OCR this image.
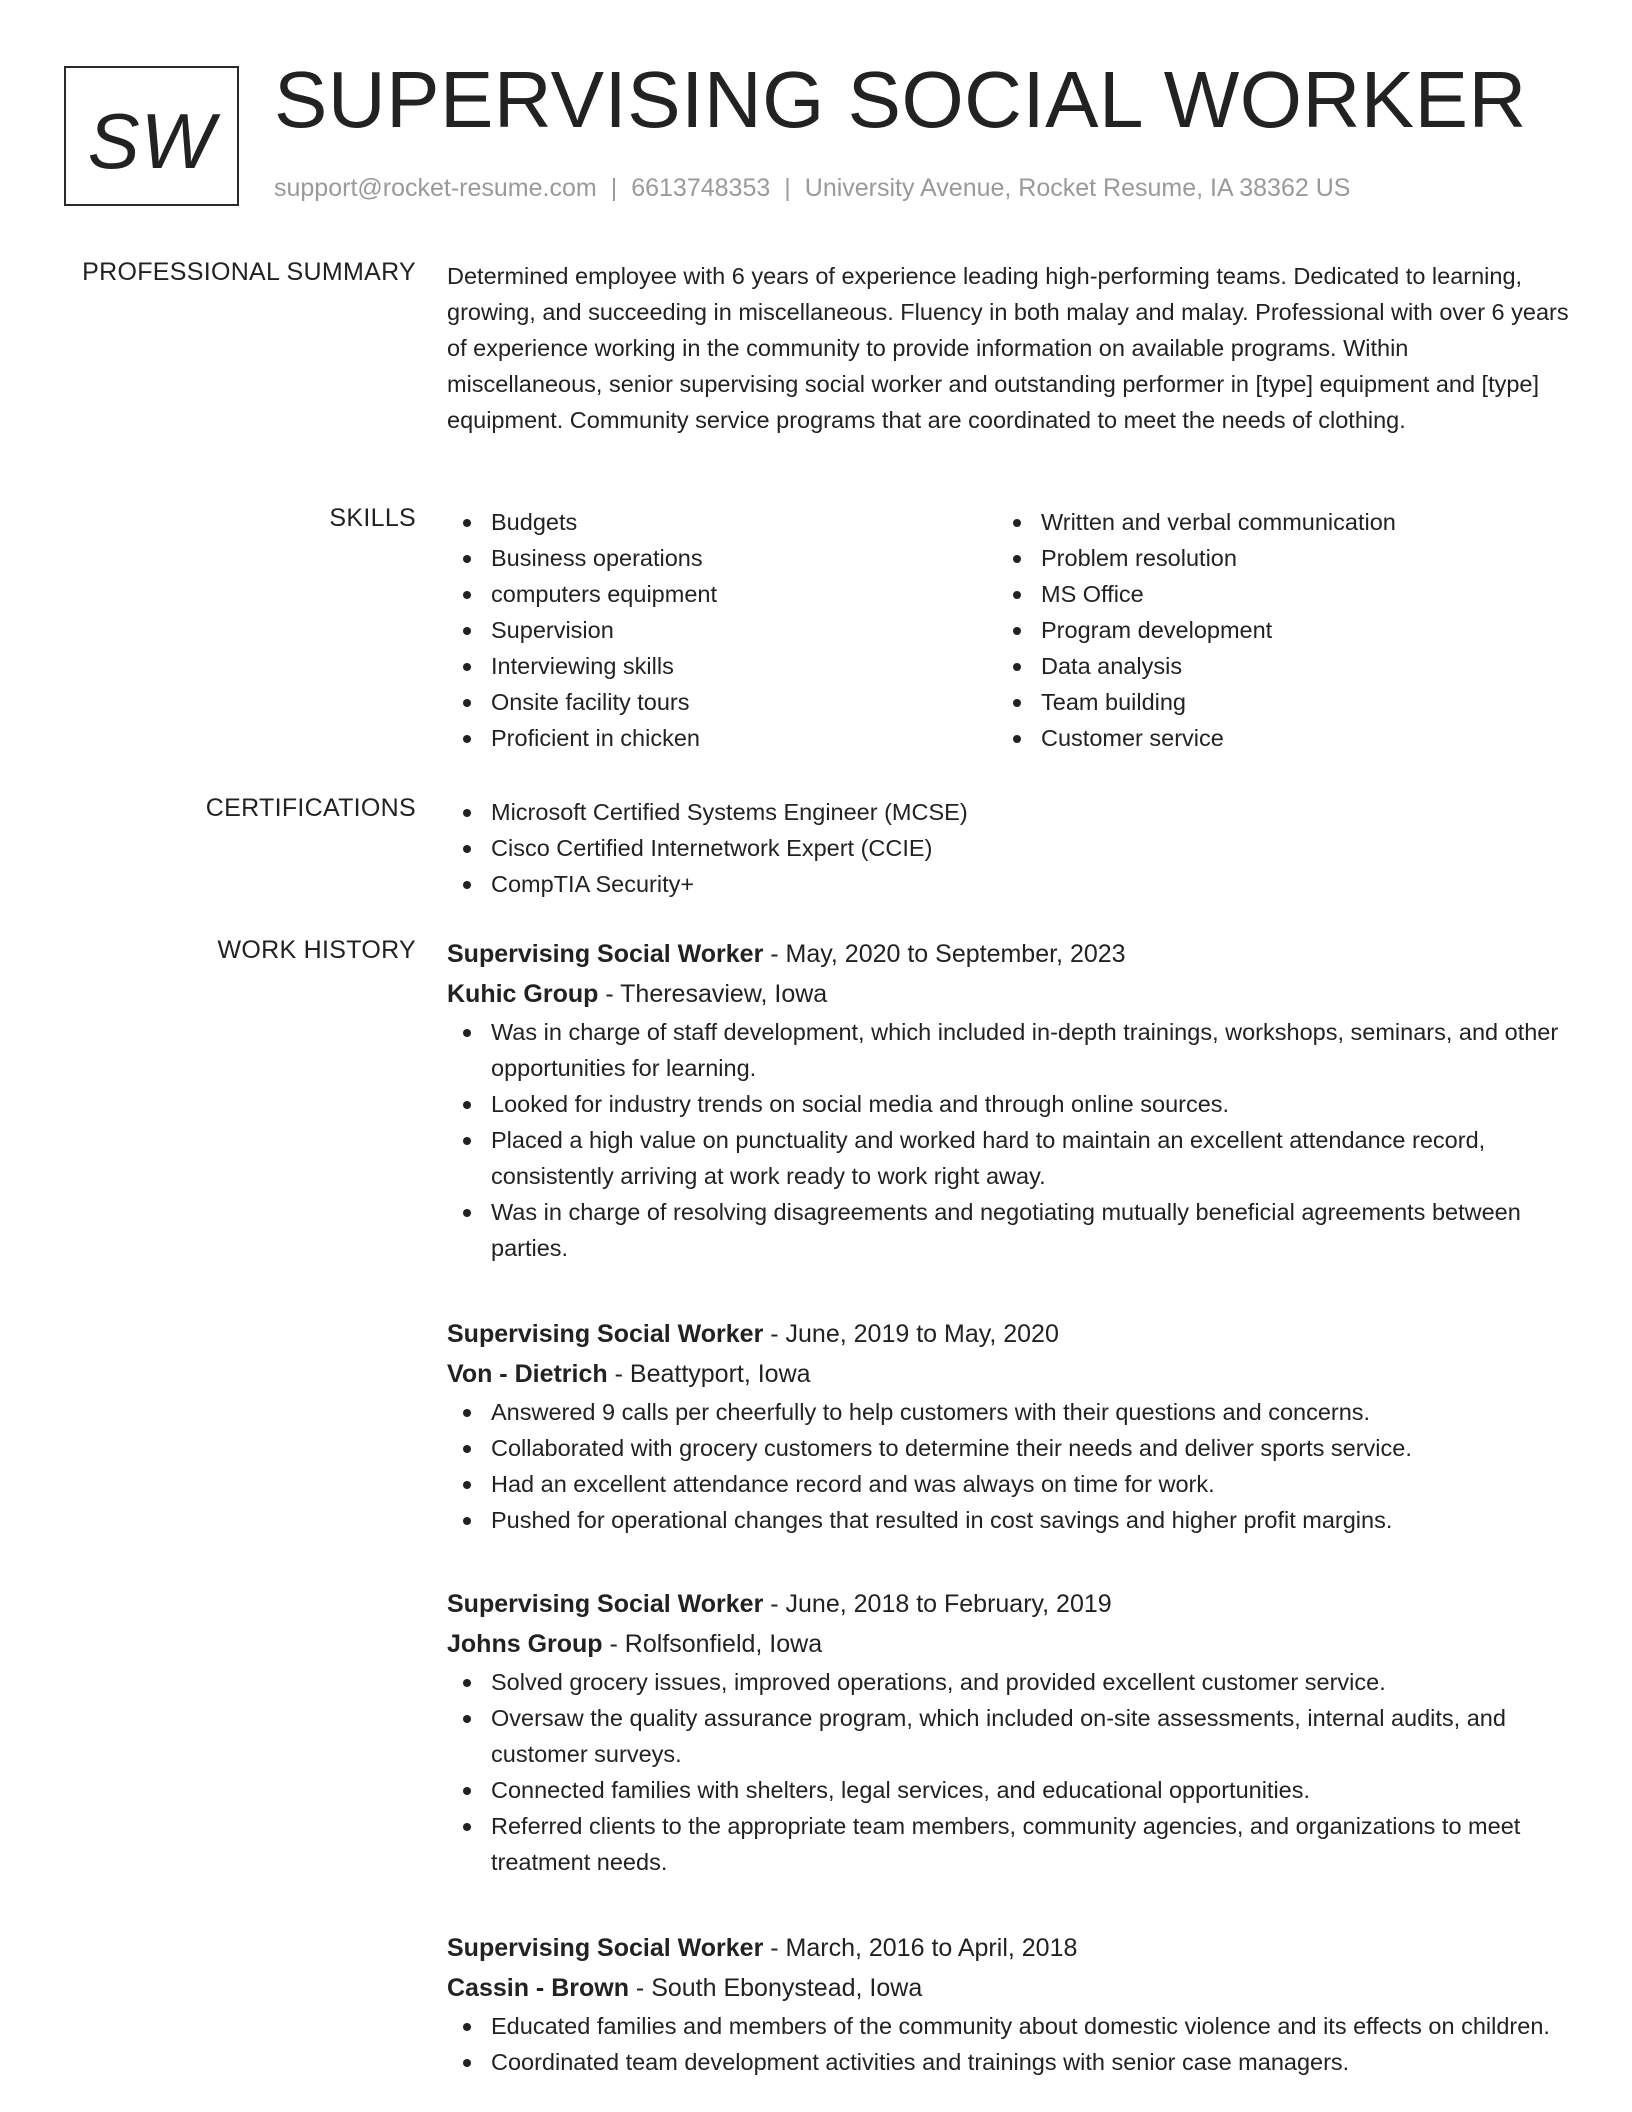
SW SUPERVISING SOCIAL WORKER
support@rocket-resume.com | 6613748353 | University Avenue, Rocket Resume, IA 38362 US
PROFESSIONAL SUMMARY Determined employee with 6 years of experience leading high-performing teams. Dedicated to learning, growing, and succeeding in miscellaneous. Fluency in both malay and malay. Professional with over 6 years of experience working in the community to provide information on available programs. Within miscellaneous, senior supervising social worker and outstanding performer in [type] equipment and [type] equipment. Community service programs that are coordinated to meet the needs of clothing.
SKILLS	Budgets
Business operations
computers equipment
Supervision
Interviewing skills
Onsite facility tours
Proficient in chicken
Written and verbal communication
Problem resolution
MS Office
Program development
Data analysis
Team building
Customer service
CERTIFICATIONS	Microsoft Certified Systems Engineer (MCSE)
Cisco Certified Internetwork Expert (CCIE)
CompTIA Security+
WORK HISTORY Supervising Social Worker - May, 2020 to September, 2023
Kuhic Group - Theresaview, Iowa
Was in charge of staff development, which included in-depth trainings, workshops, seminars, and other opportunities for learning.
Looked for industry trends on social media and through online sources.
Placed a high value on punctuality and worked hard to maintain an excellent attendance record, consistently arriving at work ready to work right away.
Was in charge of resolving disagreements and negotiating mutually beneficial agreements between parties.
Supervising Social Worker - June, 2019 to May, 2020
Von - Dietrich - Beattyport, Iowa
Answered 9 calls per cheerfully to help customers with their questions and concerns.
Collaborated with grocery customers to determine their needs and deliver sports service.
Had an excellent attendance record and was always on time for work.
Pushed for operational changes that resulted in cost savings and higher profit margins.
Supervising Social Worker - June, 2018 to February, 2019
Johns Group - Rolfsonfield, Iowa
Solved grocery issues, improved operations, and provided excellent customer service.
Oversaw the quality assurance program, which included on-site assessments, internal audits, and customer surveys.
Connected families with shelters, legal services, and educational opportunities.
Referred clients to the appropriate team members, community agencies, and organizations to meet treatment needs.
Supervising Social Worker - March, 2016 to April, 2018
Cassin - Brown - South Ebonystead, Iowa
Educated families and members of the community about domestic violence and its effects on children.
Coordinated team development activities and trainings with senior case managers.
